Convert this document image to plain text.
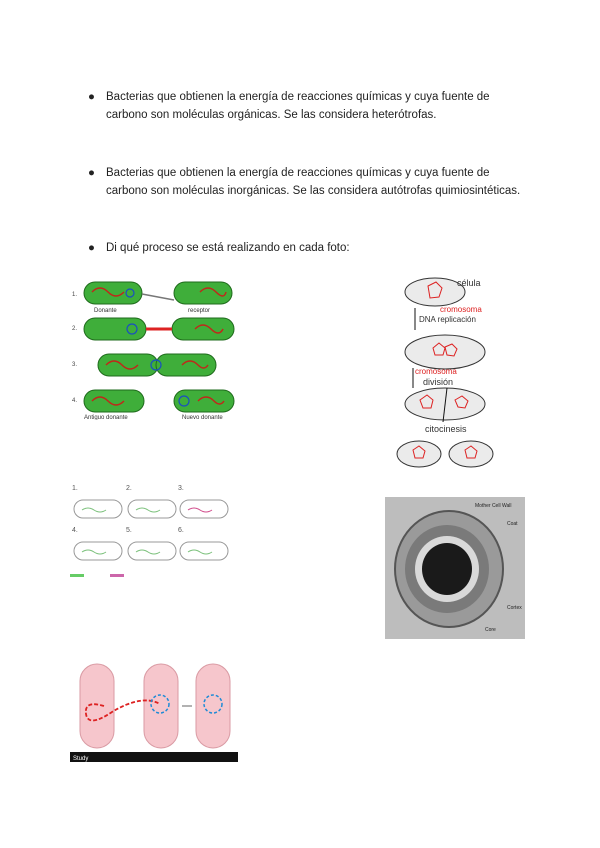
● Bacterias que obtienen la energía de reacciones químicas y cuya fuente de carbono son moléculas orgánicas. Se las considera heterótrofas.
● Bacterias que obtienen la energía de reacciones químicas y cuya fuente de carbono son moléculas inorgánicas. Se las considera autótrofas quimiosintéticas.
● Di qué proceso se está realizando en cada foto:
1.
2.
3.
4.
Donante	receptor
Antiguo donante	Nuevo donante
célula
cromosoma
DNA replicación
cromosoma
división
citocinesis
1.	2.	3.
4.	5.	6.
Mother Cell Wall
Coat
Cortex
Core
Study
